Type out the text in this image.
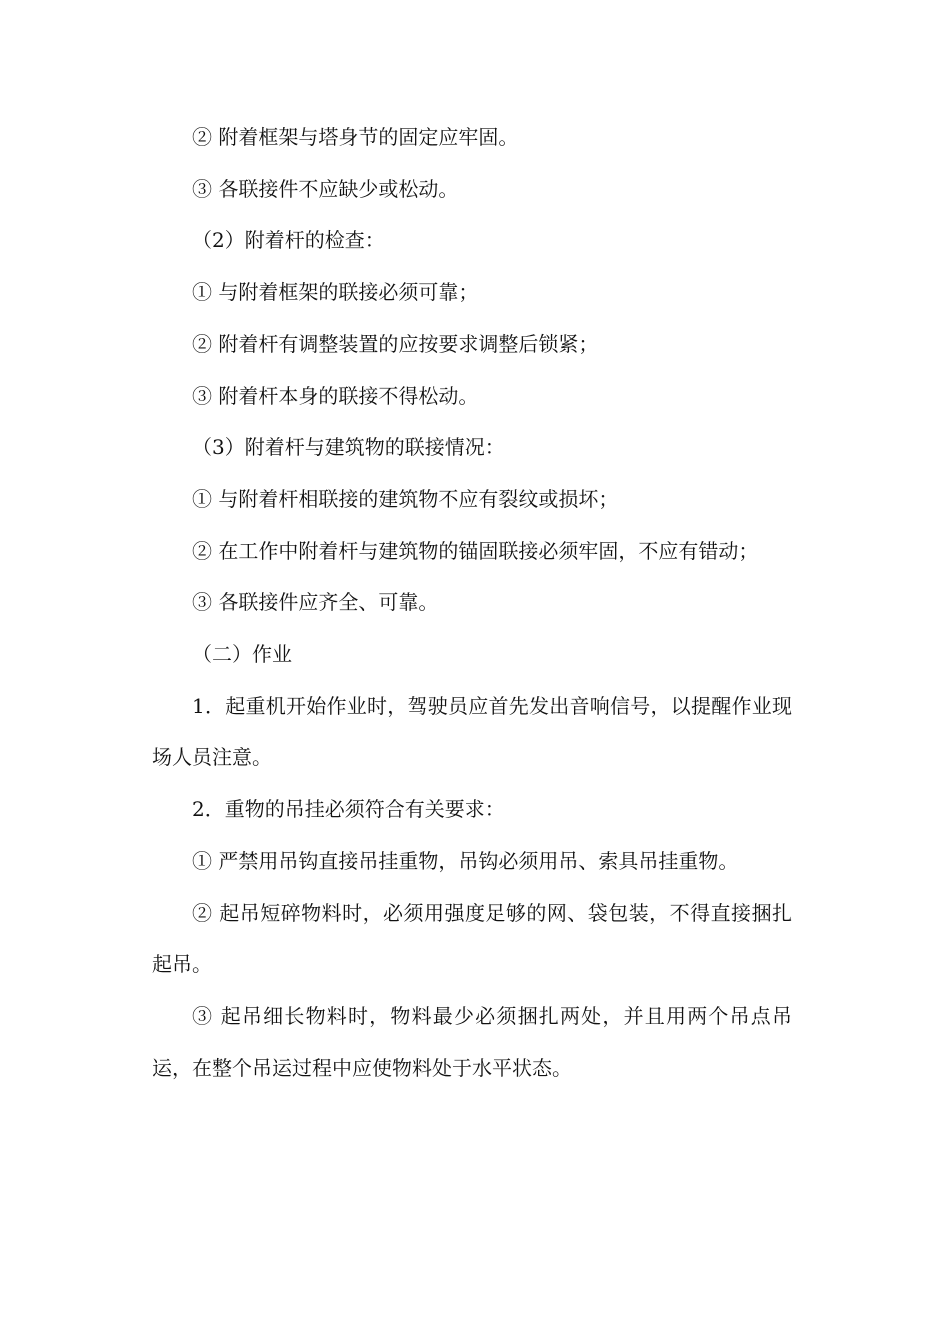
② 附着框架与塔身节的固定应牢固。

③ 各联接件不应缺少或松动。

（2）附着杆的检查：

① 与附着框架的联接必须可靠；

② 附着杆有调整装置的应按要求调整后锁紧；

③ 附着杆本身的联接不得松动。

（3）附着杆与建筑物的联接情况：

① 与附着杆相联接的建筑物不应有裂纹或损坏；

② 在工作中附着杆与建筑物的锚固联接必须牢固，不应有错动；

③ 各联接件应齐全、可靠。

（二）作业

1．起重机开始作业时，驾驶员应首先发出音响信号，以提醒作业现场人员注意。

2．重物的吊挂必须符合有关要求：

① 严禁用吊钩直接吊挂重物，吊钩必须用吊、索具吊挂重物。

② 起吊短碎物料时，必须用强度足够的网、袋包装，不得直接捆扎起吊。

③ 起吊细长物料时，物料最少必须捆扎两处，并且用两个吊点吊运，在整个吊运过程中应使物料处于水平状态。
